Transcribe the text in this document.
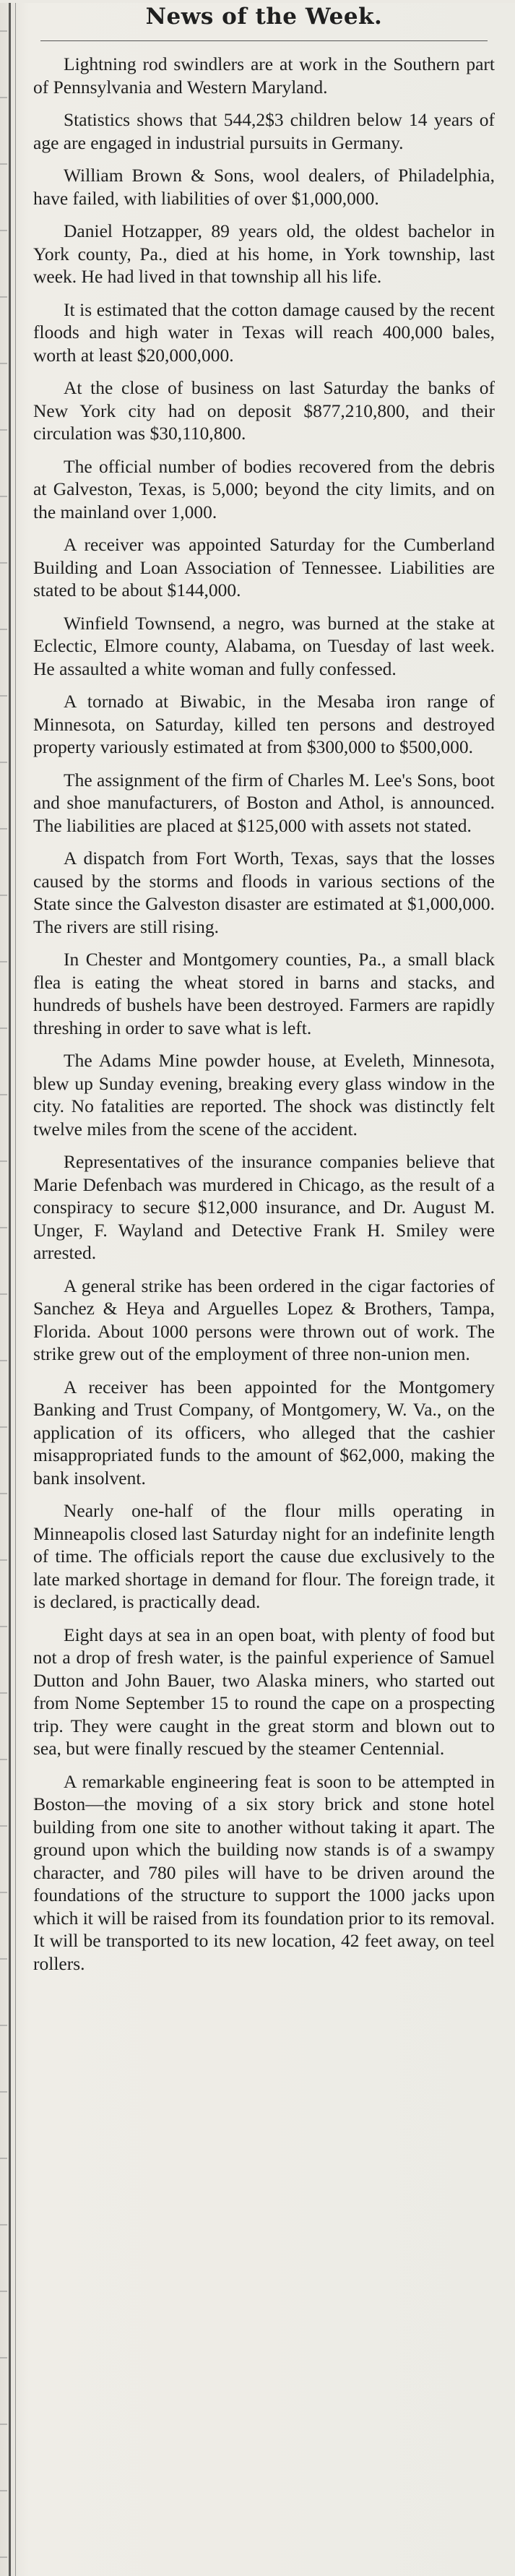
News of the Week.

Lightning rod swindlers are at work in the Southern part of Pennsylvania and Western Maryland.

Statistics shows that 544,2$3 children below 14 years of age are engaged in industrial pursuits in Germany.

William Brown & Sons, wool dealers, of Philadelphia, have failed, with liabilities of over $1,000,000.

Daniel Hotzapper, 89 years old, the oldest bachelor in York county, Pa., died at his home, in York township, last week. He had lived in that township all his life.

It is estimated that the cotton damage caused by the recent floods and high water in Texas will reach 400,000 bales, worth at least $20,000,000.

At the close of business on last Saturday the banks of New York city had on deposit $877,210,800, and their circulation was $30,110,800.

The official number of bodies recovered from the debris at Galveston, Texas, is 5,000; beyond the city limits, and on the mainland over 1,000.

A receiver was appointed Saturday for the Cumberland Building and Loan Association of Tennessee. Liabilities are stated to be about $144,000.

Winfield Townsend, a negro, was burned at the stake at Eclectic, Elmore county, Alabama, on Tuesday of last week. He assaulted a white woman and fully confessed.

A tornado at Biwabic, in the Mesaba iron range of Minnesota, on Saturday, killed ten persons and destroyed property variously estimated at from $300,000 to $500,000.

The assignment of the firm of Charles M. Lee's Sons, boot and shoe manufacturers, of Boston and Athol, is announced. The liabilities are placed at $125,000 with assets not stated.

A dispatch from Fort Worth, Texas, says that the losses caused by the storms and floods in various sections of the State since the Galveston disaster are estimated at $1,000,000. The rivers are still rising.

In Chester and Montgomery counties, Pa., a small black flea is eating the wheat stored in barns and stacks, and hundreds of bushels have been destroyed. Farmers are rapidly threshing in order to save what is left.

The Adams Mine powder house, at Eveleth, Minnesota, blew up Sunday evening, breaking every glass window in the city. No fatalities are reported. The shock was distinctly felt twelve miles from the scene of the accident.

Representatives of the insurance companies believe that Marie Defenbach was murdered in Chicago, as the result of a conspiracy to secure $12,000 insurance, and Dr. August M. Unger, F. Wayland and Detective Frank H. Smiley were arrested.

A general strike has been ordered in the cigar factories of Sanchez & Heya and Arguelles Lopez & Brothers, Tampa, Florida. About 1000 persons were thrown out of work. The strike grew out of the employment of three non-union men.

A receiver has been appointed for the Montgomery Banking and Trust Company, of Montgomery, W. Va., on the application of its officers, who alleged that the cashier misappropriated funds to the amount of $62,000, making the bank insolvent.

Nearly one-half of the flour mills operating in Minneapolis closed last Saturday night for an indefinite length of time. The officials report the cause due exclusively to the late marked shortage in demand for flour. The foreign trade, it is declared, is practically dead.

Eight days at sea in an open boat, with plenty of food but not a drop of fresh water, is the painful experience of Samuel Dutton and John Bauer, two Alaska miners, who started out from Nome September 15 to round the cape on a prospecting trip. They were caught in the great storm and blown out to sea, but were finally rescued by the steamer Centennial.

A remarkable engineering feat is soon to be attempted in Boston—the moving of a six story brick and stone hotel building from one site to another without taking it apart. The ground upon which the building now stands is of a swampy character, and 780 piles will have to be driven around the foundations of the structure to support the 1000 jacks upon which it will be raised from its foundation prior to its removal. It will be transported to its new location, 42 feet away, on teel rollers.
